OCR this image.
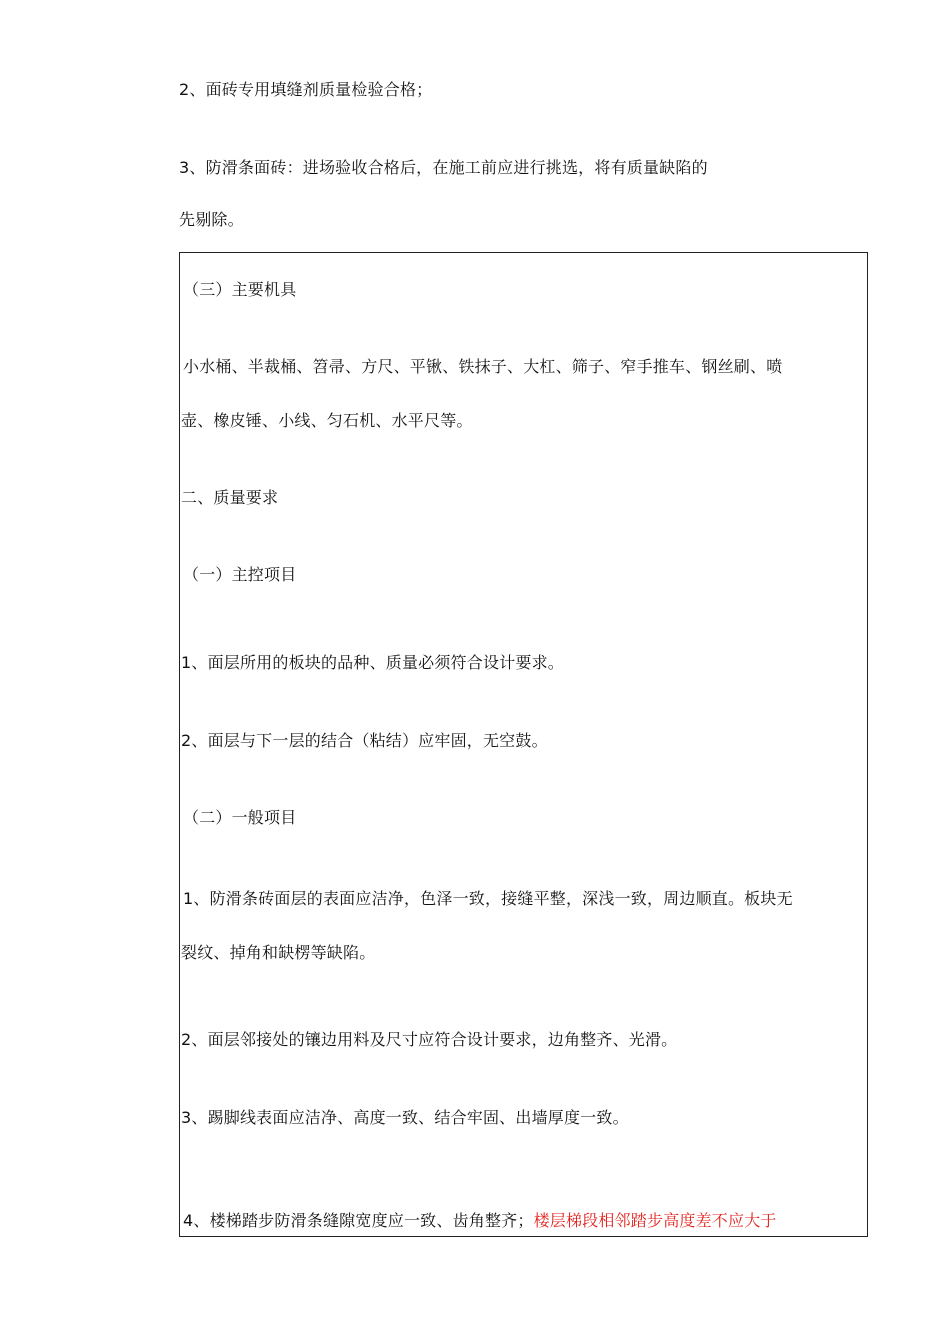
2、面砖专用填缝剂质量检验合格；
3、防滑条面砖：进场验收合格后，在施工前应进行挑选，将有质量缺陷的
先剔除。
（三）主要机具
小水桶、半裁桶、笤帚、方尺、平锹、铁抹子、大杠、筛子、窄手推车、钢丝刷、喷
壶、橡皮锤、小线、匀石机、水平尺等。
二、质量要求
（一）主控项目
1、面层所用的板块的品种、质量必须符合设计要求。
2、面层与下一层的结合（粘结）应牢固，无空鼓。
（二）一般项目
1、防滑条砖面层的表面应洁净，色泽一致，接缝平整，深浅一致，周边顺直。板块无
裂纹、掉角和缺楞等缺陷。
2、面层邻接处的镶边用料及尺寸应符合设计要求，边角整齐、光滑。
3、踢脚线表面应洁净、高度一致、结合牢固、出墙厚度一致。
4、楼梯踏步防滑条缝隙宽度应一致、齿角整齐；楼层梯段相邻踏步高度差不应大于
